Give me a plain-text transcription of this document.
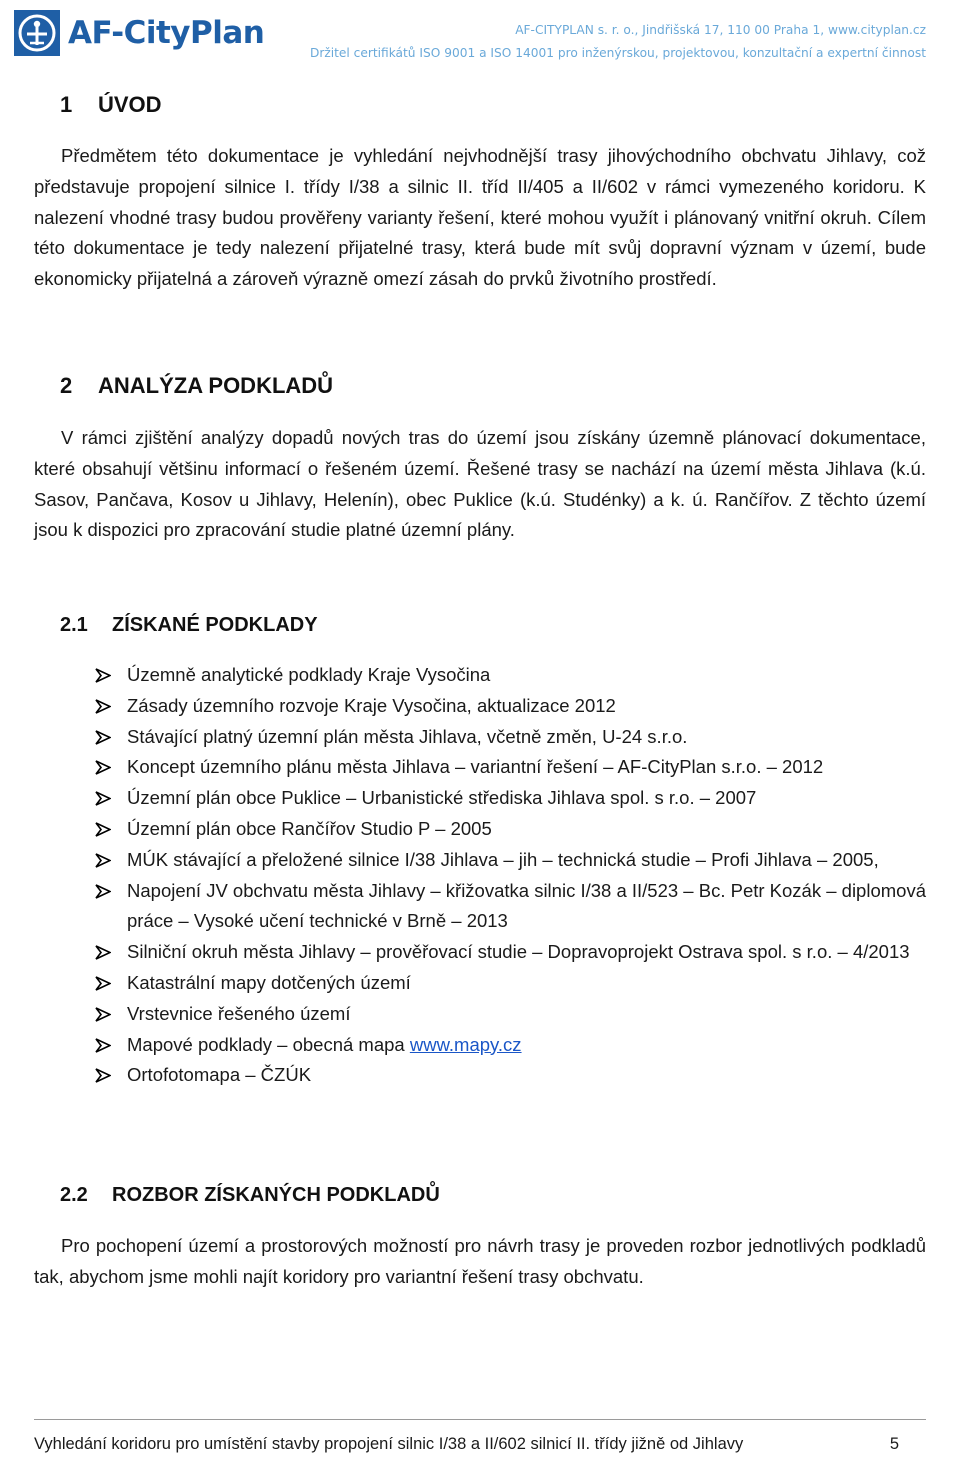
AF-CityPlan	AF-CITYPLAN s. r. o., Jindřišská 17, 110 00 Praha 1, www.cityplan.cz
Držitel certifikátů ISO 9001 a ISO 14001 pro inženýrskou, projektovou, konzultační a expertní činnost
1 ÚVOD

Předmětem této dokumentace je vyhledání nejvhodnější trasy jihovýchodního obchvatu Jihlavy, což představuje propojení silnice I. třídy I/38 a silnic II. tříd II/405 a II/602 v rámci vymezeného koridoru. K nalezení vhodné trasy budou prověřeny varianty řešení, které mohou využít i plánovaný vnitřní okruh. Cílem této dokumentace je tedy nalezení přijatelné trasy, která bude mít svůj dopravní význam v území, bude ekonomicky přijatelná a zároveň výrazně omezí zásah do prvků životního prostředí.

2 ANALÝZA PODKLADŮ

V rámci zjištění analýzy dopadů nových tras do území jsou získány územně plánovací dokumentace, které obsahují většinu informací o řešeném území. Řešené trasy se nachází na území města Jihlava (k.ú. Sasov, Pančava, Kosov u Jihlavy, Helenín), obec Puklice (k.ú. Studénky) a k. ú. Rančířov. Z těchto území jsou k dispozici pro zpracování studie platné územní plány.

2.1 ZÍSKANÉ PODKLADY
Územně analytické podklady Kraje Vysočina
Zásady územního rozvoje Kraje Vysočina, aktualizace 2012
Stávající platný územní plán města Jihlava, včetně změn, U-24 s.r.o.
Koncept územního plánu města Jihlava – variantní řešení – AF-CityPlan s.r.o. – 2012
Územní plán obce Puklice – Urbanistické střediska Jihlava spol. s r.o. – 2007
Územní plán obce Rančířov Studio P – 2005
MÚK stávající a přeložené silnice I/38 Jihlava – jih – technická studie – Profi Jihlava – 2005,
Napojení JV obchvatu města Jihlavy – křižovatka silnic I/38 a II/523 – Bc. Petr Kozák – diplomová práce – Vysoké učení technické v Brně – 2013
Silniční okruh města Jihlavy – prověřovací studie – Dopravoprojekt Ostrava spol. s r.o. – 4/2013
Katastrální mapy dotčených území
Vrstevnice řešeného území
Mapové podklady – obecná mapa www.mapy.cz
Ortofotomapa – ČZÚK
2.2 ROZBOR ZÍSKANÝCH PODKLADŮ

Pro pochopení území a prostorových možností pro návrh trasy je proveden rozbor jednotlivých podkladů tak, abychom jsme mohli najít koridory pro variantní řešení trasy obchvatu.

Vyhledání koridoru pro umístění stavby propojení silnic I/38 a II/602 silnicí II. třídy jižně od Jihlavy	5
